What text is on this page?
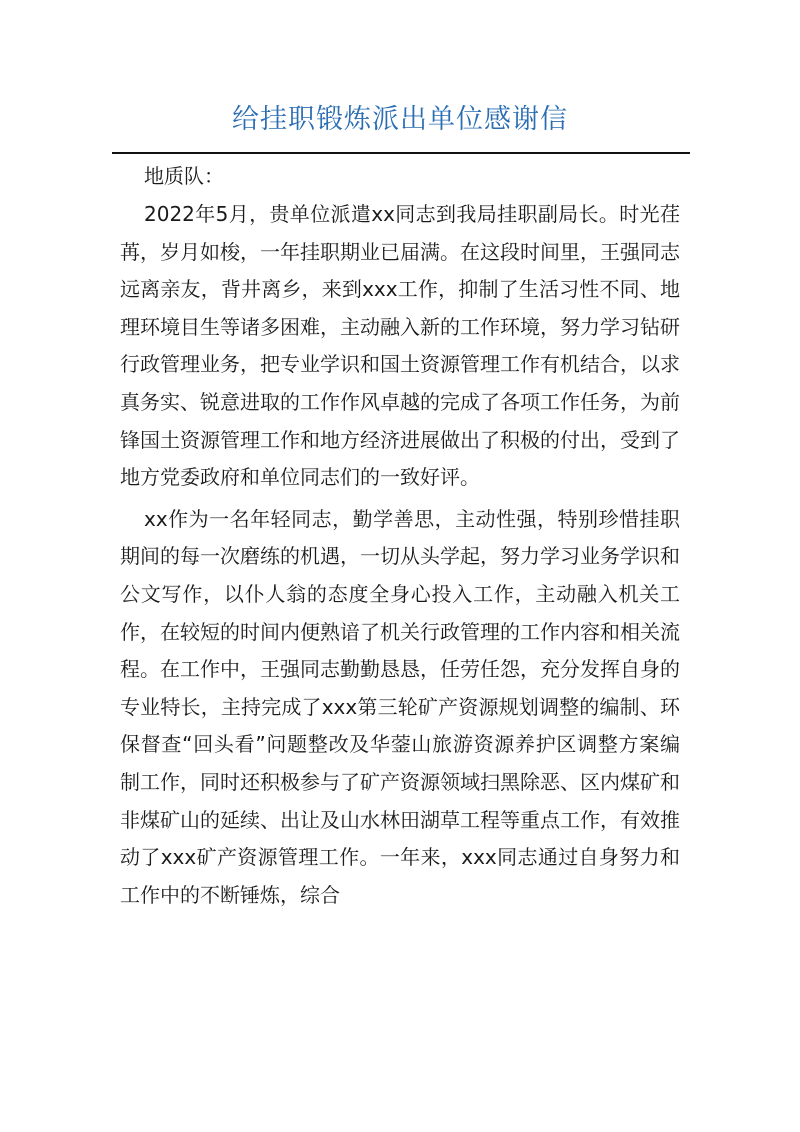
给挂职锻炼派出单位感谢信

地质队：

2022年5月，贵单位派遣xx同志到我局挂职副局长。时光荏苒，岁月如梭，一年挂职期业已届满。在这段时间里，王强同志远离亲友，背井离乡，来到xxx工作，抑制了生活习性不同、地理环境目生等诸多困难，主动融入新的工作环境，努力学习钻研行政管理业务，把专业学识和国土资源管理工作有机结合，以求真务实、锐意进取的工作作风卓越的完成了各项工作任务，为前锋国土资源管理工作和地方经济进展做出了积极的付出，受到了地方党委政府和单位同志们的一致好评。

xx作为一名年轻同志，勤学善思，主动性强，特别珍惜挂职期间的每一次磨练的机遇，一切从头学起，努力学习业务学识和公文写作，以仆人翁的态度全身心投入工作，主动融入机关工作，在较短的时间内便熟谙了机关行政管理的工作内容和相关流程。在工作中，王强同志勤勤恳恳，任劳任怨，充分发挥自身的专业特长，主持完成了xxx第三轮矿产资源规划调整的编制、环保督查“回头看”问题整改及华蓥山旅游资源养护区调整方案编制工作，同时还积极参与了矿产资源领域扫黑除恶、区内煤矿和非煤矿山的延续、出让及山水林田湖草工程等重点工作，有效推动了xxx矿产资源管理工作。一年来，xxx同志通过自身努力和工作中的不断锤炼，综合
